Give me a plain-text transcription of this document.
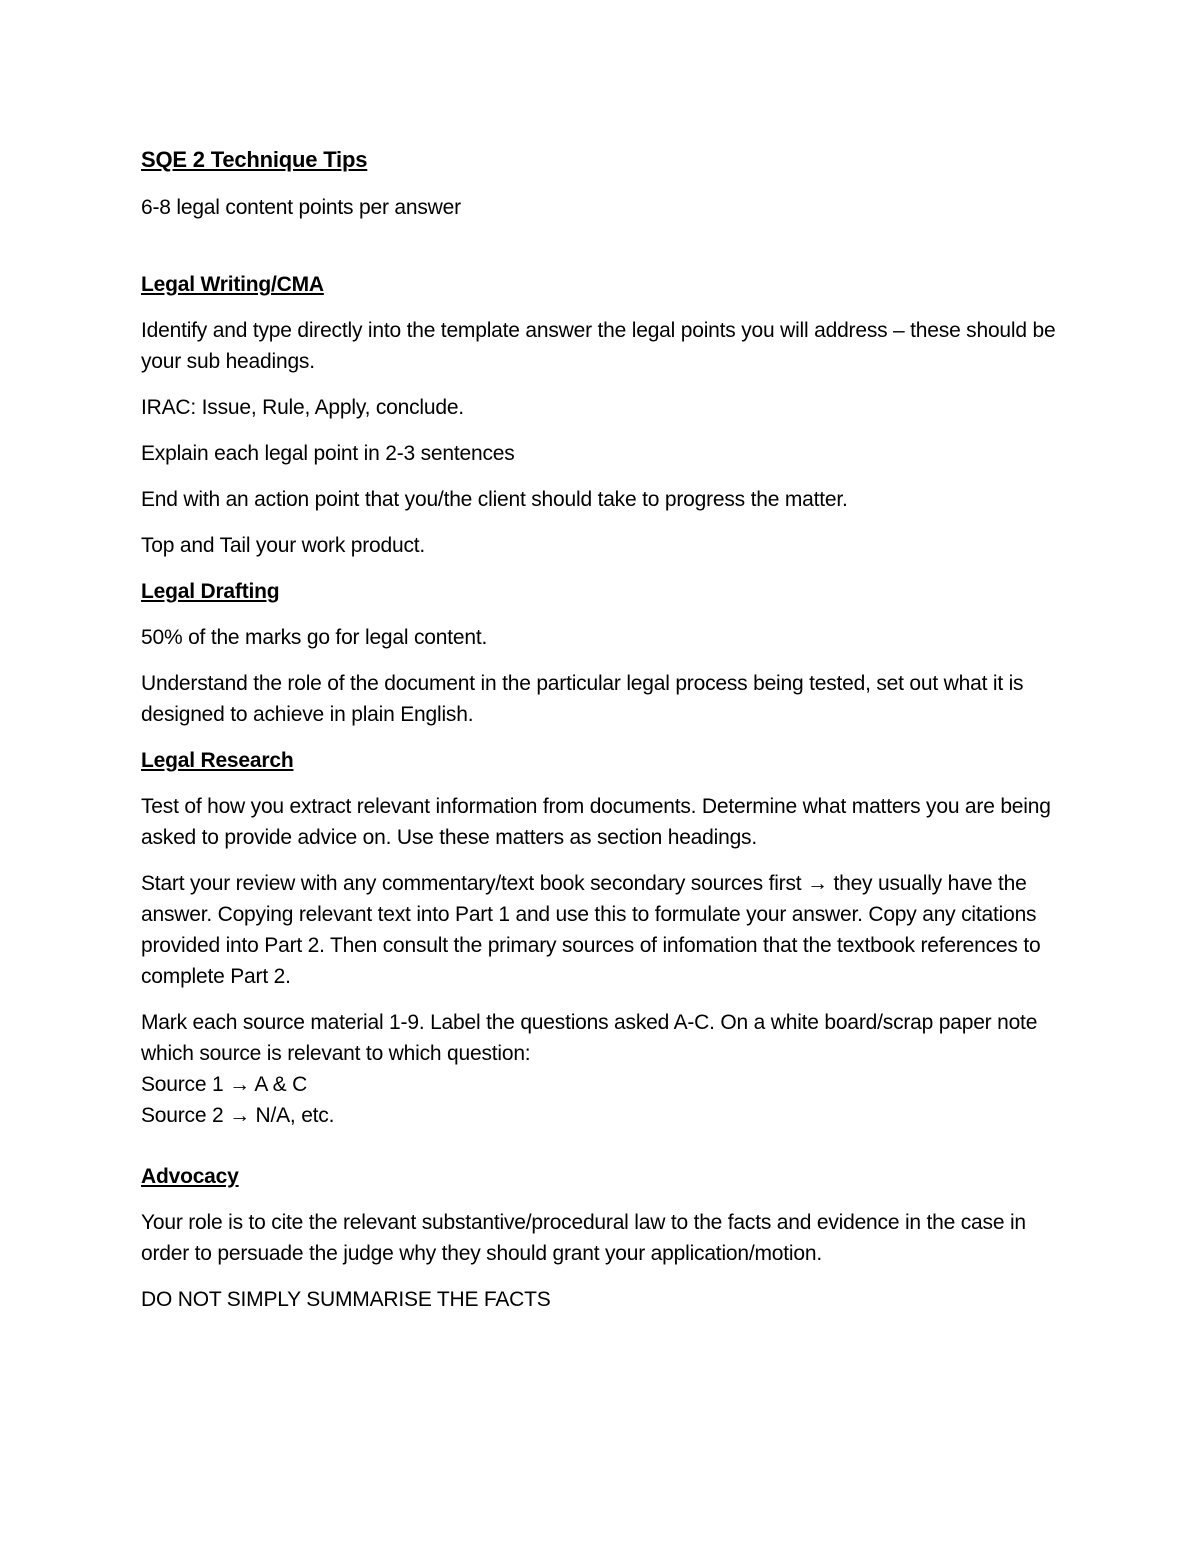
SQE 2 Technique Tips

6-8 legal content points per answer

Legal Writing/CMA

Identify and type directly into the template answer the legal points you will address – these should be your sub headings.

IRAC: Issue, Rule, Apply, conclude.

Explain each legal point in 2-3 sentences

End with an action point that you/the client should take to progress the matter.

Top and Tail your work product.

Legal Drafting

50% of the marks go for legal content.

Understand the role of the document in the particular legal process being tested, set out what it is designed to achieve in plain English.

Legal Research

Test of how you extract relevant information from documents. Determine what matters you are being asked to provide advice on. Use these matters as section headings.

Start your review with any commentary/text book secondary sources first → they usually have the answer. Copying relevant text into Part 1 and use this to formulate your answer. Copy any citations provided into Part 2. Then consult the primary sources of infomation that the textbook references to complete Part 2.

Mark each source material 1-9. Label the questions asked A-C. On a white board/scrap paper note which source is relevant to which question:

Source 1 → A & C

Source 2 → N/A, etc.

Advocacy

Your role is to cite the relevant substantive/procedural law to the facts and evidence in the case in order to persuade the judge why they should grant your application/motion.

DO NOT SIMPLY SUMMARISE THE FACTS
